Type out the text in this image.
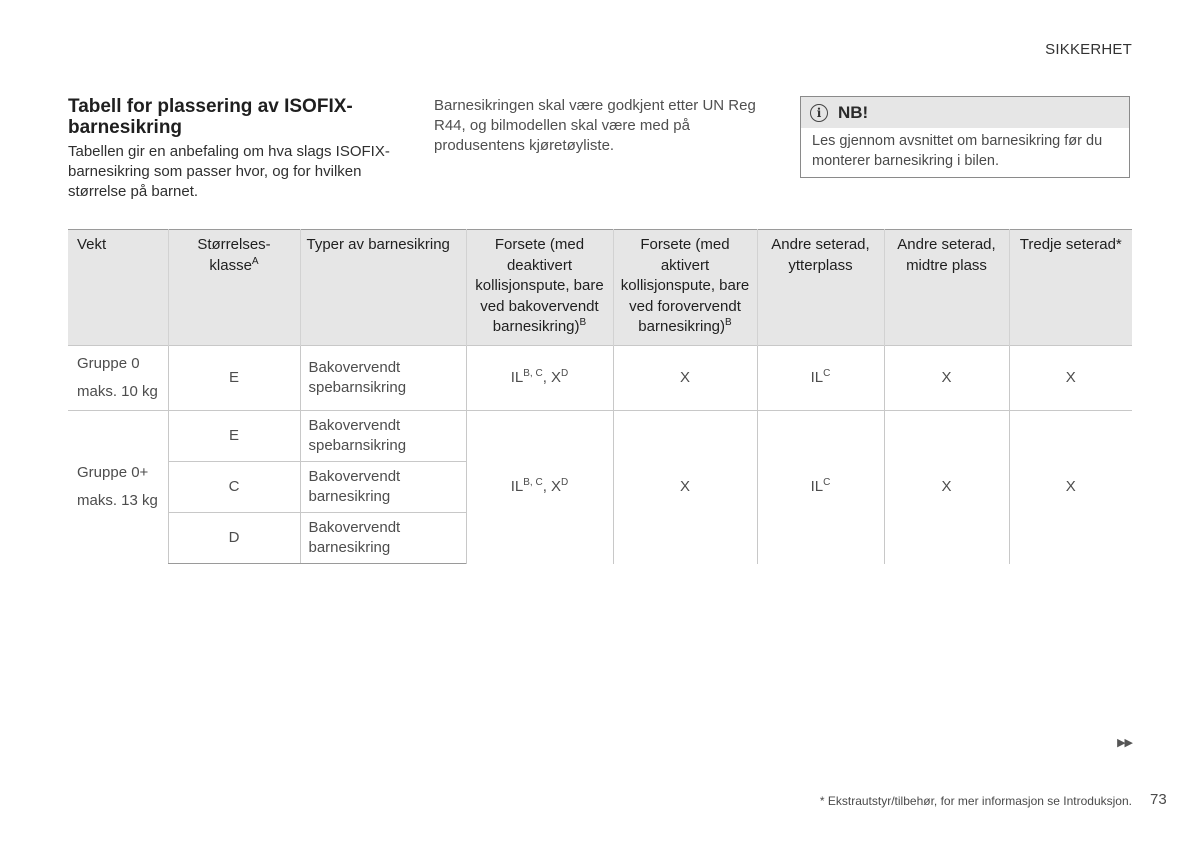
SIKKERHET
Tabell for plassering av ISOFIX-barnesikring

Tabellen gir en anbefaling om hva slags ISOFIX-barnesikring som passer hvor, og for hvilken størrelse på barnet.

Barnesikringen skal være godkjent etter UN Reg R44, og bilmodellen skal være med på produsentens kjøretøyliste.

i NB!
Les gjennom avsnittet om barnesikring før du monterer barnesikring i bilen.
Vekt	Størrelses-klasse$^A$	Typer av barnesikring	Forsete (med deaktivert kollisjonspute, bare ved bakovervendt barnesikring)$^B$	Forsete (med aktivert kollisjonspute, bare ved forovervendt barnesikring)$^B$	Andre seterad, ytterplass	Andre seterad, midtre plass	Tredje seterad*
Gruppe 0
maks. 10 kg	E	Bakovervendt spebarnsikring	$IL^{B, C}$, $X^D$	X	$IL^C$	X	X
Gruppe 0+
maks. 13 kg	E	Bakovervendt spebarnsikring	$IL^{B, C}$, $X^D$	X	$IL^C$	X	X
	C	Bakovervendt barnesikring					
	D	Bakovervendt barnesikring					
▶▶
* Ekstrautstyr/tilbehør, for mer informasjon se Introduksjon. 73
